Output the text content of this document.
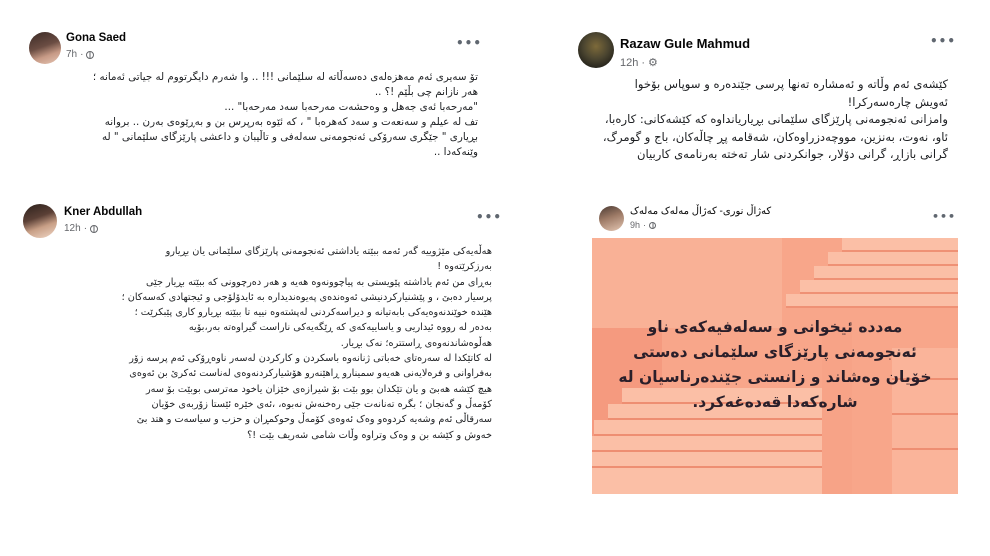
Gona Saed
7h ·
•••
تۆ سەیری ئەم مەهزەلەی دەسەڵاتە لە سلێمانی !!! .. وا شەرم دایگرتووم لە جیاتی ئەمانە ؛
هەر نازانم چی بڵێم !؟ ..
"مەرحەبا ئەی جەهل و وەحشەت مەرحەبا سەد مەرحەبا" ...
تف لە عیلم و سەنعەت و سەد کەهرەبا " ، کە ئێوە بەرپرس بن و بەڕێوەی بەرن .. بروانە
بڕیاری " جێگری سەرۆکی ئەنجومەنی سەلەفی و تاڵیبان و داعشی پارێزگای سلێمانی " لە
وێنەکەدا ..
Razaw Gule Mahmud
12h · ⚙
•••
کێشەی ئەم وڵاتە و ئەمشارە تەنها پرسی جێندەرە و سوپاس بۆخوا
ئەویش چارەسەرکرا!
وامزانی ئەنجومەنی پارێزگای سلێمانی بڕیاریانداوە کە کێشەکانی: کارەبا،
ئاو، نەوت، بەنزین، مووچەدزراوەکان، شەقامە پڕ چاڵەکان، باج و گومرگ،
گرانی بازاڕ، گرانی دۆلار، جوانکردنی شار تەختە بەرنامەی کاربیان
Kner Abdullah
12h ·
•••
هەڵەیەکی مێژوییە گەر ئەمە ببێتە یاداشتی ئەنجومەنی پارێزگای سلێمانی یان بڕیارو
بەرزکرێتەوە !
بەڕای من ئەم یاداشتە پێویستی بە پیاچوونەوە هەیە و هەر دەرچوونی کە ببێتە بڕیار جێی
پرسیار دەبێ ، و پێشنیارکردنیشی ئەوەندەی پەیوەندیدارە بە ئایدۆلۆجی و ئیجتهادی کەسەکان ؛
هێندە خوێندنەوەیەکی بابەتیانە و دیراسەکردنی لەپشتەوە نییە تا ببێتە بڕیارو کاری پێبکرێت ؛
بەدەر لە رووە ئیداریی و یاساییەکەی کە ڕێگەیەکی ناراست گیراوەتە بەر،بۆیە
هەڵوەشاندنەوەی ڕاستترە؛ نەک بڕیار.
لە کاتێکدا لە سەرەتای خەباتی ژنانەوە باسکردن و کارکردن لەسەر ناوەڕۆکی ئەم پرسە زۆر
بەفراوانی و فرەلایەنی هەیەو سمینارو ڕاهێنەرو هۆشیارکردنەوەی لەناست ئەکرێ بن ئەوەی
هیچ کێشە هەبێ و یان تێکدان بوو بێت بۆ شیرازەی خێزان یاخود مەترسی بوبێت بۆ سەر
کۆمەڵ و گەنجان ؛ بگرە تەنانەت جێی رەخنەش نەبوە، ،ئەی خێرە ئێستا زۆربەی خۆیان
سەرقاڵی ئەم وشەیە کردوەو وەک ئەوەی کۆمەڵ وحوکمڕان و حزب و سیاسەت و هتد بێ
خەوش و کێشە بن و وەک وتراوە وڵات شامی شەریف بێت !؟
کەژاڵ نوری- کەژاڵ مەلەک مەلەک
9h ·
•••
مەددە ئیخوانی و سەلەفیەکەی ناو
ئەنجومەنی پارێزگای سلێمانی دەستی
خۆیان وەشاند و زانستی جێندەرناسیان لە
شارەکەدا قەدەغەکرد.
